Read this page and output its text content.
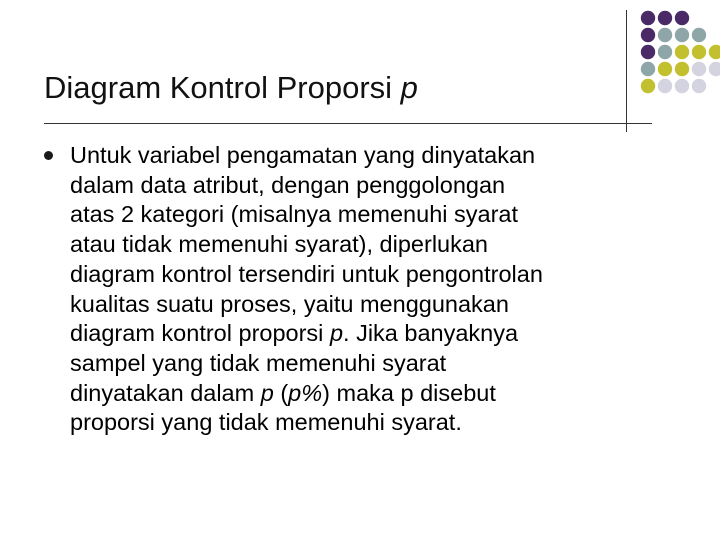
Diagram Kontrol Proporsi p
Untuk variabel pengamatan yang dinyatakan
dalam data atribut, dengan penggolongan
atas 2 kategori (misalnya memenuhi syarat
atau tidak memenuhi syarat), diperlukan
diagram kontrol tersendiri untuk pengontrolan
kualitas suatu proses, yaitu menggunakan
diagram kontrol proporsi p. Jika banyaknya
sampel yang tidak memenuhi syarat
dinyatakan dalam p (p%) maka p disebut
proporsi yang tidak memenuhi syarat.
